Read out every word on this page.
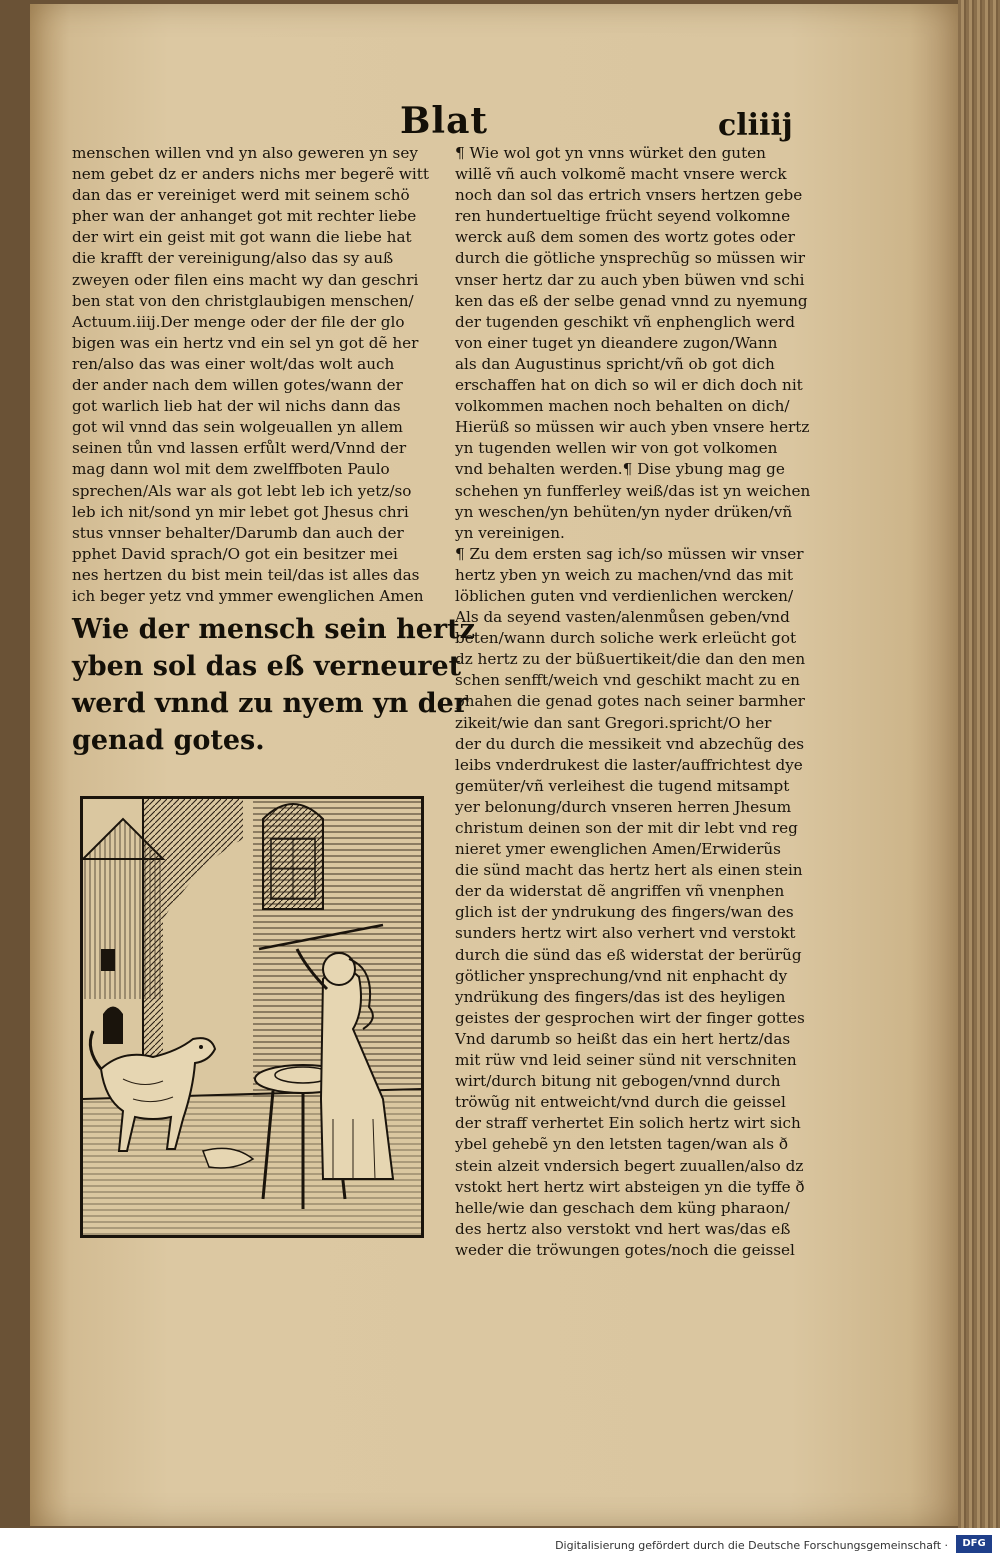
Blat	cliiij
menschen willen vnd yn also geweren yn sey
nem gebet dz er anders nichs mer begerẽ witt
dan das er vereiniget werd mit seinem schö
pher wan der anhanget got mit rechter liebe
der wirt ein geist mit got wann die liebe hat
die krafft der vereinigung/also das sy auß
zweyen oder filen eins macht wy dan geschri
ben stat von den christglaubigen menschen/
Actuum.iiij.Der menge oder der file der glo
bigen was ein hertz vnd ein sel yn got dẽ her
ren/also das was einer wolt/das wolt auch
der ander nach dem willen gotes/wann der
got warlich lieb hat der wil nichs dann das
got wil vnnd das sein wolgeuallen yn allem
seinen tůn vnd lassen erfůlt werd/Vnnd der
mag dann wol mit dem zwelffboten Paulo
sprechen/Als war als got lebt leb ich yetz/so
leb ich nit/sond yn mir lebet got Jhesus chri
stus vnnser behalter/Darumb dan auch der
pphet David sprach/O got ein besitzer mei
nes hertzen du bist mein teil/das ist alles das
ich beger yetz vnd ymmer ewenglichen Amen
Wie der mensch sein hertz
yben sol das eß verneuret
werd vnnd zu nyem yn der
genad gotes.
¶ Wie wol got yn vnns würket den guten
willẽ vñ auch volkomẽ macht vnsere werck
noch dan sol das ertrich vnsers hertzen gebe
ren hundertueltige frücht seyend volkomne
werck auß dem somen des wortz gotes oder
durch die götliche ynsprechũg so müssen wir
vnser hertz dar zu auch yben büwen vnd schi
ken das eß der selbe genad vnnd zu nyemung
der tugenden geschikt vñ enphenglich werd
von einer tuget yn dieandere zugon/Wann
als dan Augustinus spricht/vñ ob got dich
erschaffen hat on dich so wil er dich doch nit
volkommen machen noch behalten on dich/
Hierüß so müssen wir auch yben vnsere hertz
yn tugenden wellen wir von got volkomen
vnd behalten werden.¶ Dise ybung mag ge
schehen yn funfferley weiß/das ist yn weichen
yn weschen/yn behüten/yn nyder drüken/vñ
yn vereinigen.
¶ Zu dem ersten sag ich/so müssen wir vnser
hertz yben yn weich zu machen/vnd das mit
löblichen guten vnd verdienlichen wercken/
Als da seyend vasten/alenmůsen geben/vnd
beten/wann durch soliche werk erleücht got
dz hertz zu der büßuertikeit/die dan den men
schen senfft/weich vnd geschikt macht zu en
phahen die genad gotes nach seiner barmher
zikeit/wie dan sant Gregori.spricht/O her
der du durch die messikeit vnd abzechũg des
leibs vnderdrukest die laster/auffrichtest dye
gemüter/vñ verleihest die tugend mitsampt
yer belonung/durch vnseren herren Jhesum
christum deinen son der mit dir lebt vnd reg
nieret ymer ewenglichen Amen/Erwiderũs
die sünd macht das hertz hert als einen stein
der da widerstat dẽ angriffen vñ vnenphen
glich ist der yndrukung des fingers/wan des
sunders hertz wirt also verhert vnd verstokt
durch die sünd das eß widerstat der berürũg
götlicher ynsprechung/vnd nit enphacht dy
yndrükung des fingers/das ist des heyligen
geistes der gesprochen wirt der finger gottes
Vnd darumb so heißt das ein hert hertz/das
mit rüw vnd leid seiner sünd nit verschniten
wirt/durch bitung nit gebogen/vnnd durch
tröwũg nit entweicht/vnd durch die geissel
der straff verhertet Ein solich hertz wirt sich
ybel gehebẽ yn den letsten tagen/wan als ð
stein alzeit vndersich begert zuuallen/also dz
vstokt hert hertz wirt absteigen yn die tyffe ð
helle/wie dan geschach dem küng pharaon/
des hertz also verstokt vnd hert was/das eß
weder die tröwungen gotes/noch die geissel
Digitalisierung gefördert durch die Deutsche Forschungsgemeinschaft ·	DFG
